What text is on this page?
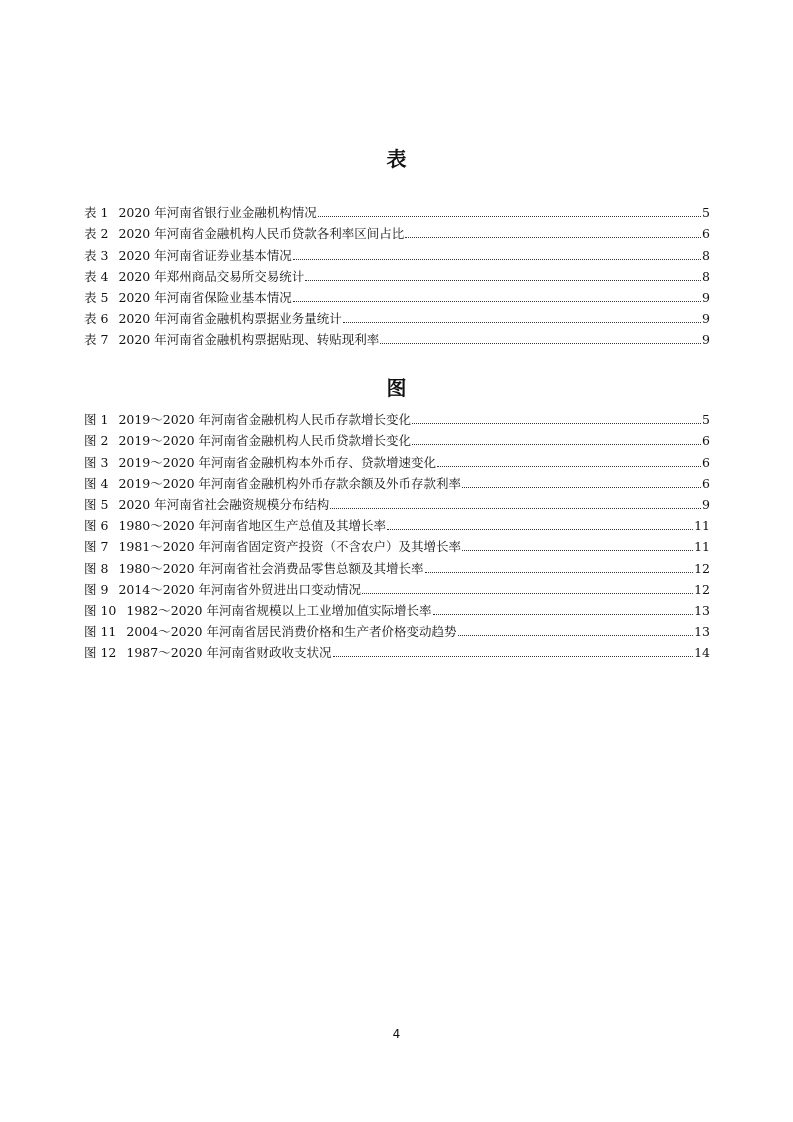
表
表 1 2020 年河南省银行业金融机构情况	5
表 2 2020 年河南省金融机构人民币贷款各利率区间占比	6
表 3 2020 年河南省证券业基本情况	8
表 4 2020 年郑州商品交易所交易统计	8
表 5 2020 年河南省保险业基本情况	9
表 6 2020 年河南省金融机构票据业务量统计	9
表 7 2020 年河南省金融机构票据贴现、转贴现利率	9
图
图 1 2019～2020 年河南省金融机构人民币存款增长变化	5
图 2 2019～2020 年河南省金融机构人民币贷款增长变化	6
图 3 2019～2020 年河南省金融机构本外币存、贷款增速变化	6
图 4 2019～2020 年河南省金融机构外币存款余额及外币存款利率	6
图 5 2020 年河南省社会融资规模分布结构	9
图 6 1980～2020 年河南省地区生产总值及其增长率	11
图 7 1981～2020 年河南省固定资产投资（不含农户）及其增长率	11
图 8 1980～2020 年河南省社会消费品零售总额及其增长率	12
图 9 2014～2020 年河南省外贸进出口变动情况	12
图 10 1982～2020 年河南省规模以上工业增加值实际增长率	13
图 11 2004～2020 年河南省居民消费价格和生产者价格变动趋势	13
图 12 1987～2020 年河南省财政收支状况	14
4
